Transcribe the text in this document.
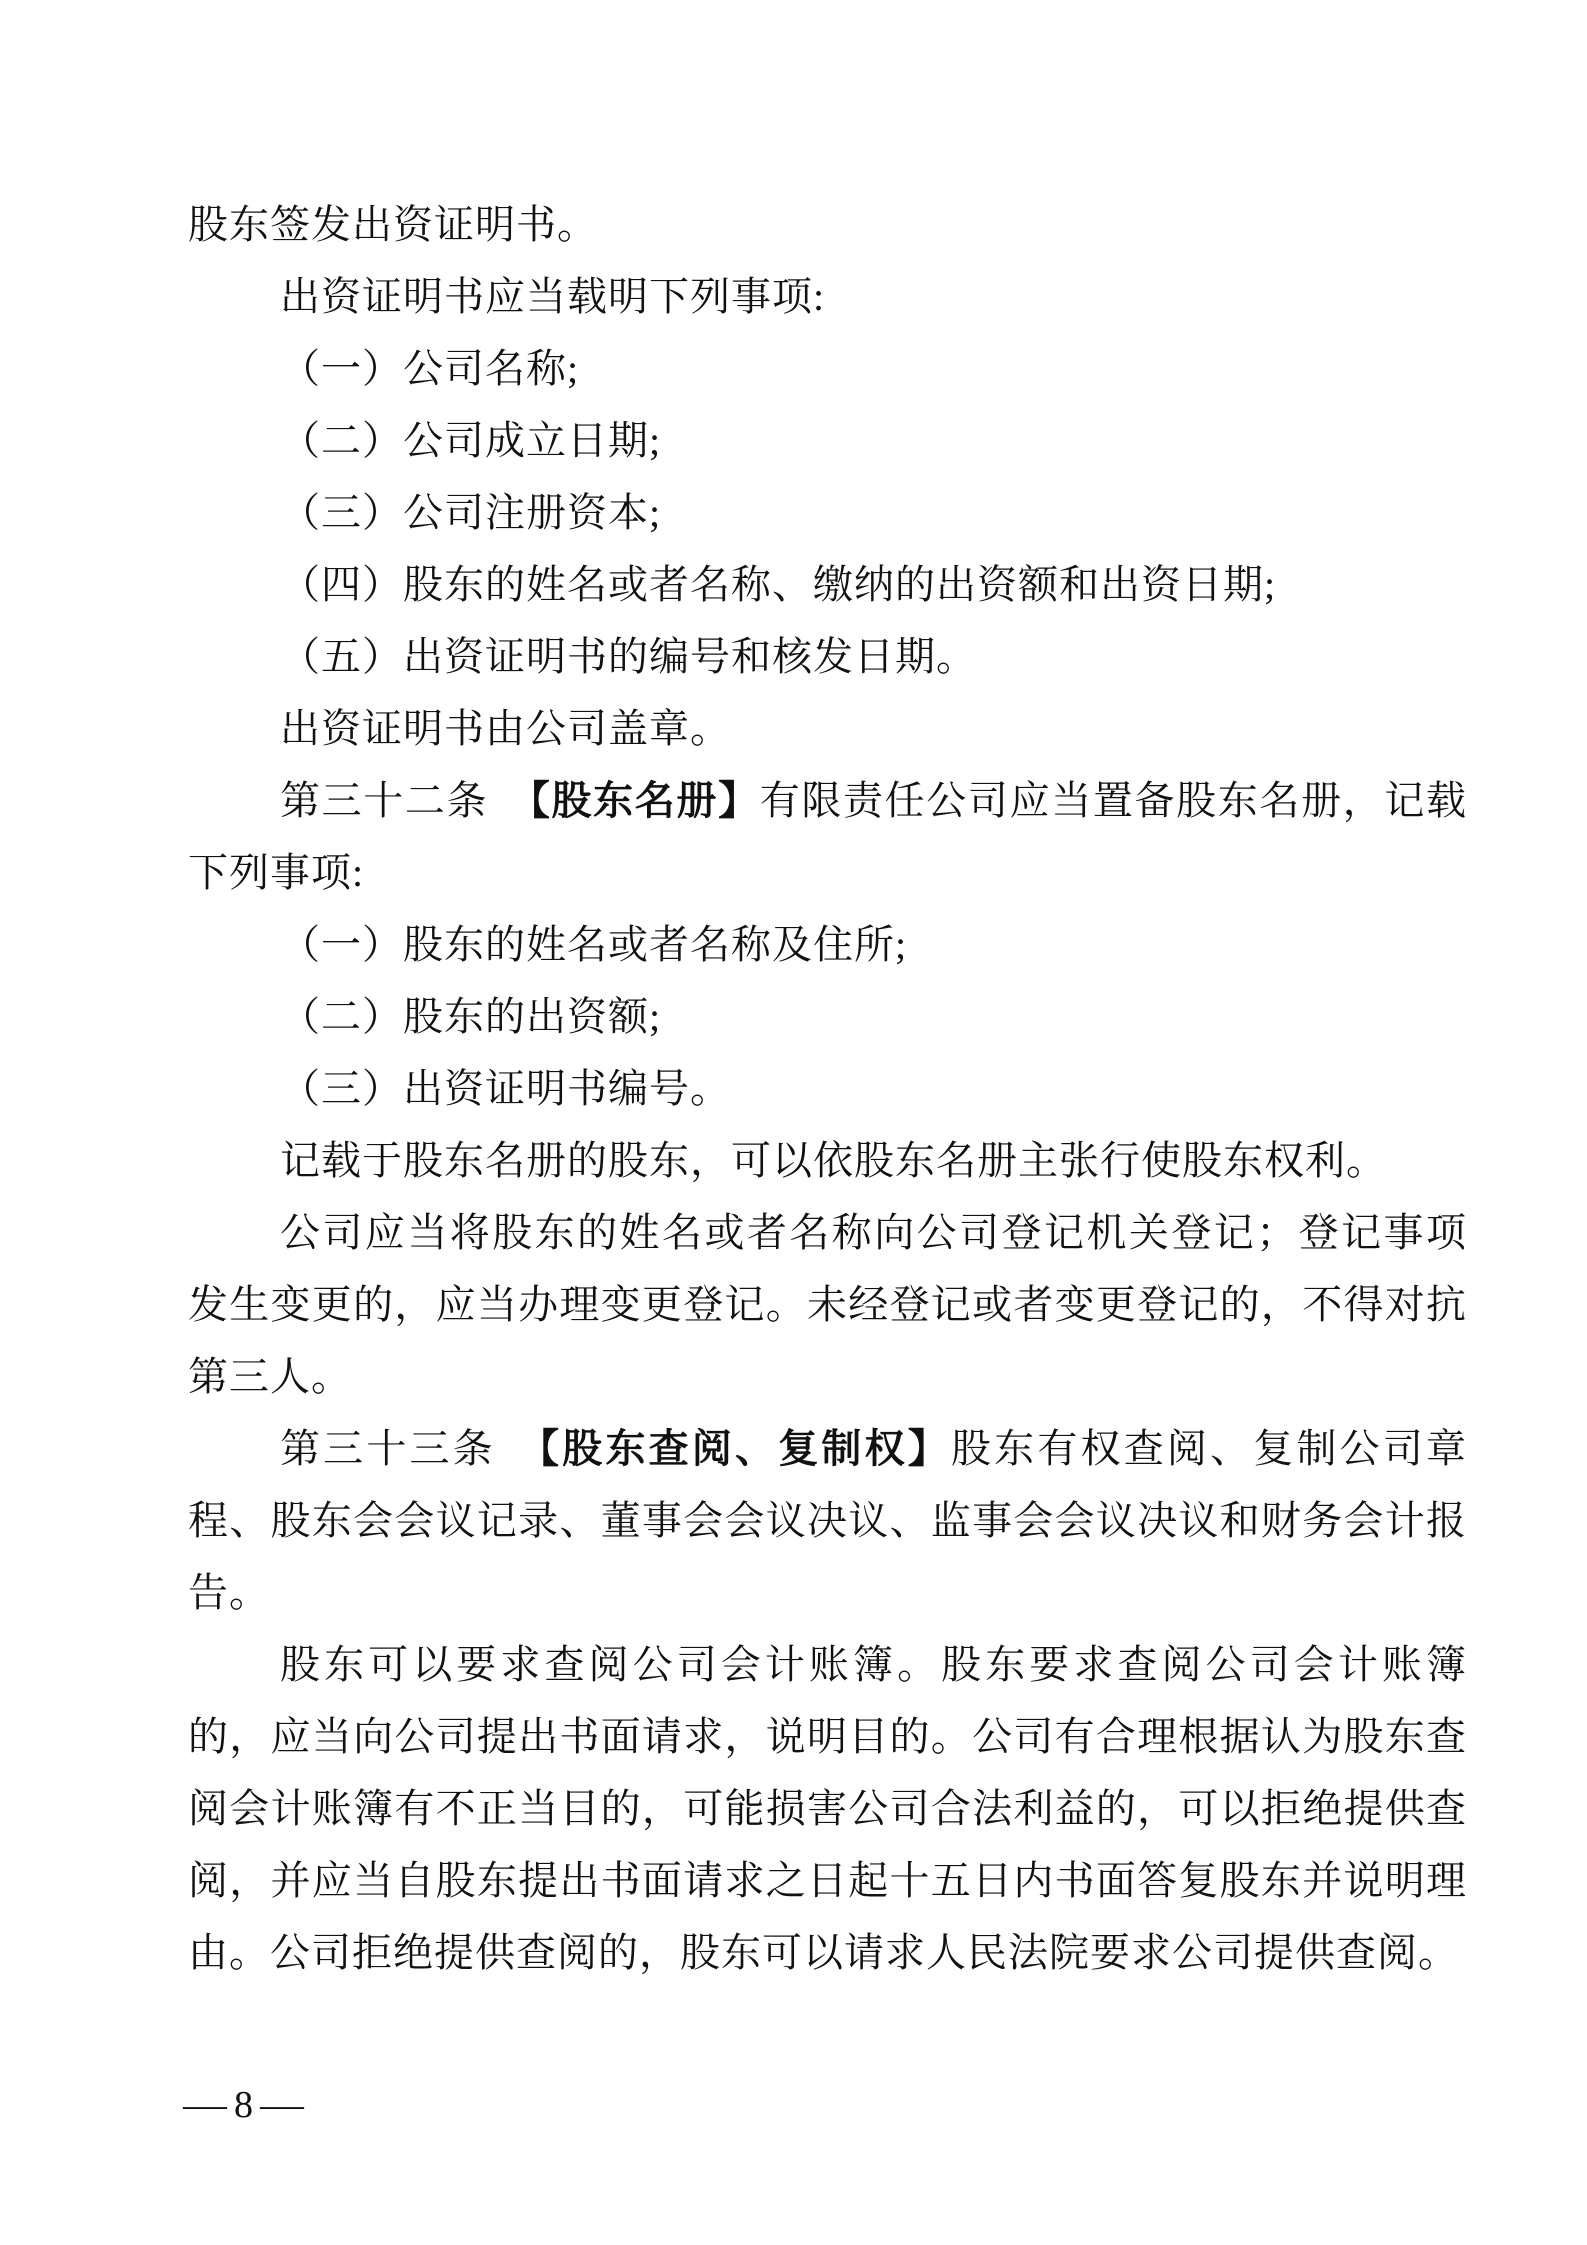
股东签发出资证明书。

出资证明书应当载明下列事项:

（一）公司名称;

（二）公司成立日期;

（三）公司注册资本;

（四）股东的姓名或者名称、缴纳的出资额和出资日期;

（五）出资证明书的编号和核发日期。

出资证明书由公司盖章。

第三十二条　【股东名册】有限责任公司应当置备股东名册，记载下列事项:

（一）股东的姓名或者名称及住所;

（二）股东的出资额;

（三）出资证明书编号。

记载于股东名册的股东，可以依股东名册主张行使股东权利。

公司应当将股东的姓名或者名称向公司登记机关登记；登记事项发生变更的，应当办理变更登记。未经登记或者变更登记的，不得对抗第三人。

第三十三条　【股东查阅、复制权】股东有权查阅、复制公司章程、股东会会议记录、董事会会议决议、监事会会议决议和财务会计报告。

股东可以要求查阅公司会计账簿。股东要求查阅公司会计账簿的，应当向公司提出书面请求，说明目的。公司有合理根据认为股东查阅会计账簿有不正当目的，可能损害公司合法利益的，可以拒绝提供查阅，并应当自股东提出书面请求之日起十五日内书面答复股东并说明理由。公司拒绝提供查阅的，股东可以请求人民法院要求公司提供查阅。

— 8 —
